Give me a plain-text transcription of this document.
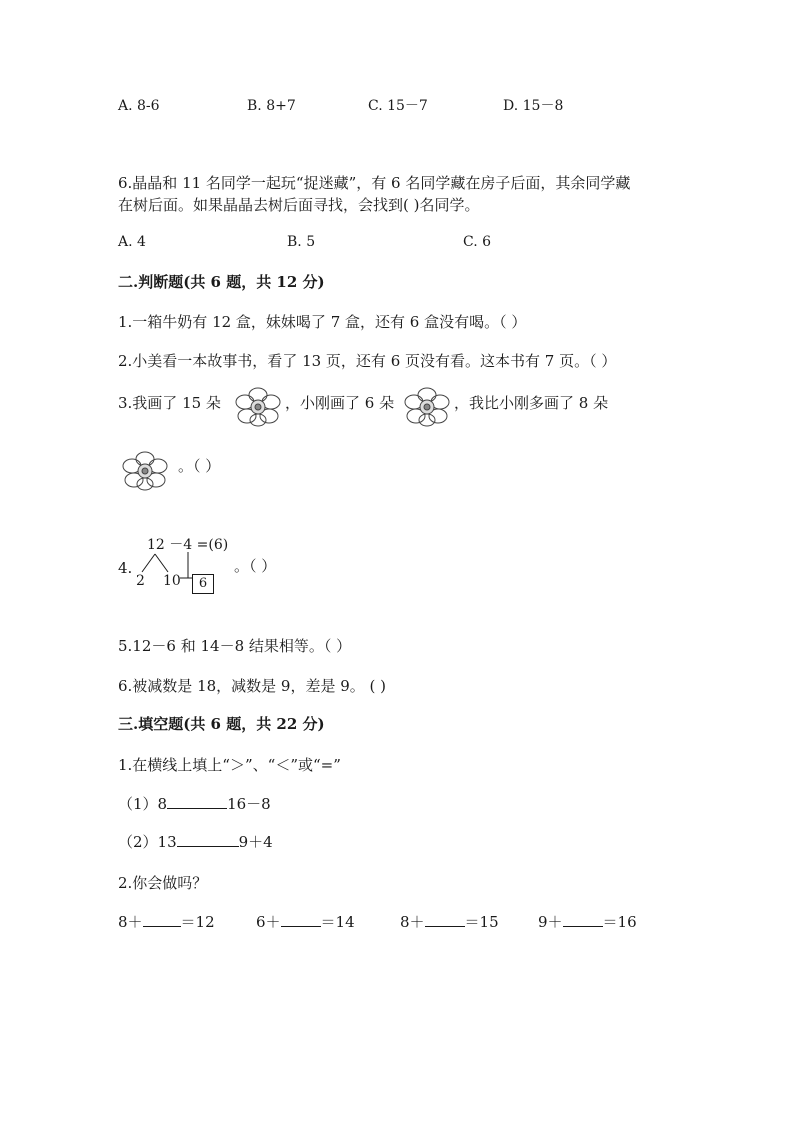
A. 8-6	B. 8+7	C. 15－7	D. 15－8
6.晶晶和 11 名同学一起玩“捉迷藏”，有 6 名同学藏在房子后面，其余同学藏
在树后面。如果晶晶去树后面寻找，会找到( )名同学。
A. 4	B. 5	C. 6
二.判断题(共 6 题，共 12 分)
1.一箱牛奶有 12 盒，妹妹喝了 7 盒，还有 6 盒没有喝。（ ）
2.小美看一本故事书，看了 13 页，还有 6 页没有看。这本书有 7 页。（ ）
3.我画了 15 朵	，小刚画了 6 朵	，我比小刚多画了 8 朵
。（ ）
4.
12 －4 =(6)
2 10	6
。（ ）
5.12－6 和 14－8 结果相等。（ ）
6.被减数是 18，减数是 9，差是 9。 ( )
三.填空题(共 6 题，共 22 分)
1.在横线上填上“＞”、“＜”或“=”
（1）8	16－8
（2）13	9＋4
2.你会做吗？
8＋	＝12	6＋	＝14	8＋	＝15	9＋	＝16
